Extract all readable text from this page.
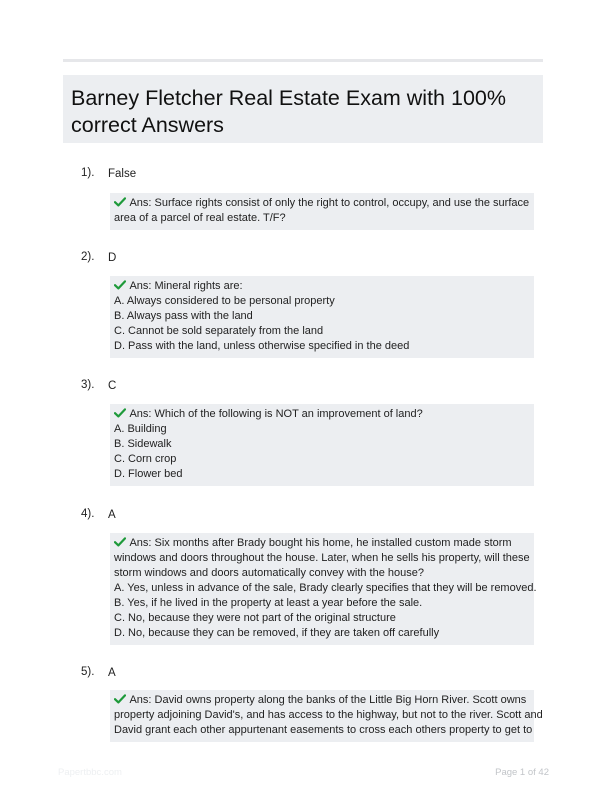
Barney Fletcher Real Estate Exam with 100% correct Answers
1). False
Ans: Surface rights consist of only the right to control, occupy, and use the surface
area of a parcel of real estate. T/F?
2). D
Ans: Mineral rights are:
A. Always considered to be personal property
B. Always pass with the land
C. Cannot be sold separately from the land
D. Pass with the land, unless otherwise specified in the deed
3). C
Ans: Which of the following is NOT an improvement of land?
A. Building
B. Sidewalk
C. Corn crop
D. Flower bed
4). A
Ans: Six months after Brady bought his home, he installed custom made storm
windows and doors throughout the house. Later, when he sells his property, will these
storm windows and doors automatically convey with the house?
A. Yes, unless in advance of the sale, Brady clearly specifies that they will be removed.
B. Yes, if he lived in the property at least a year before the sale.
C. No, because they were not part of the original structure
D. No, because they can be removed, if they are taken off carefully
5). A
Ans: David owns property along the banks of the Little Big Horn River. Scott owns
property adjoining David's, and has access to the highway, but not to the river. Scott and
David grant each other appurtenant easements to cross each others property to get to
Papertbbc.com	Page 1 of 42
